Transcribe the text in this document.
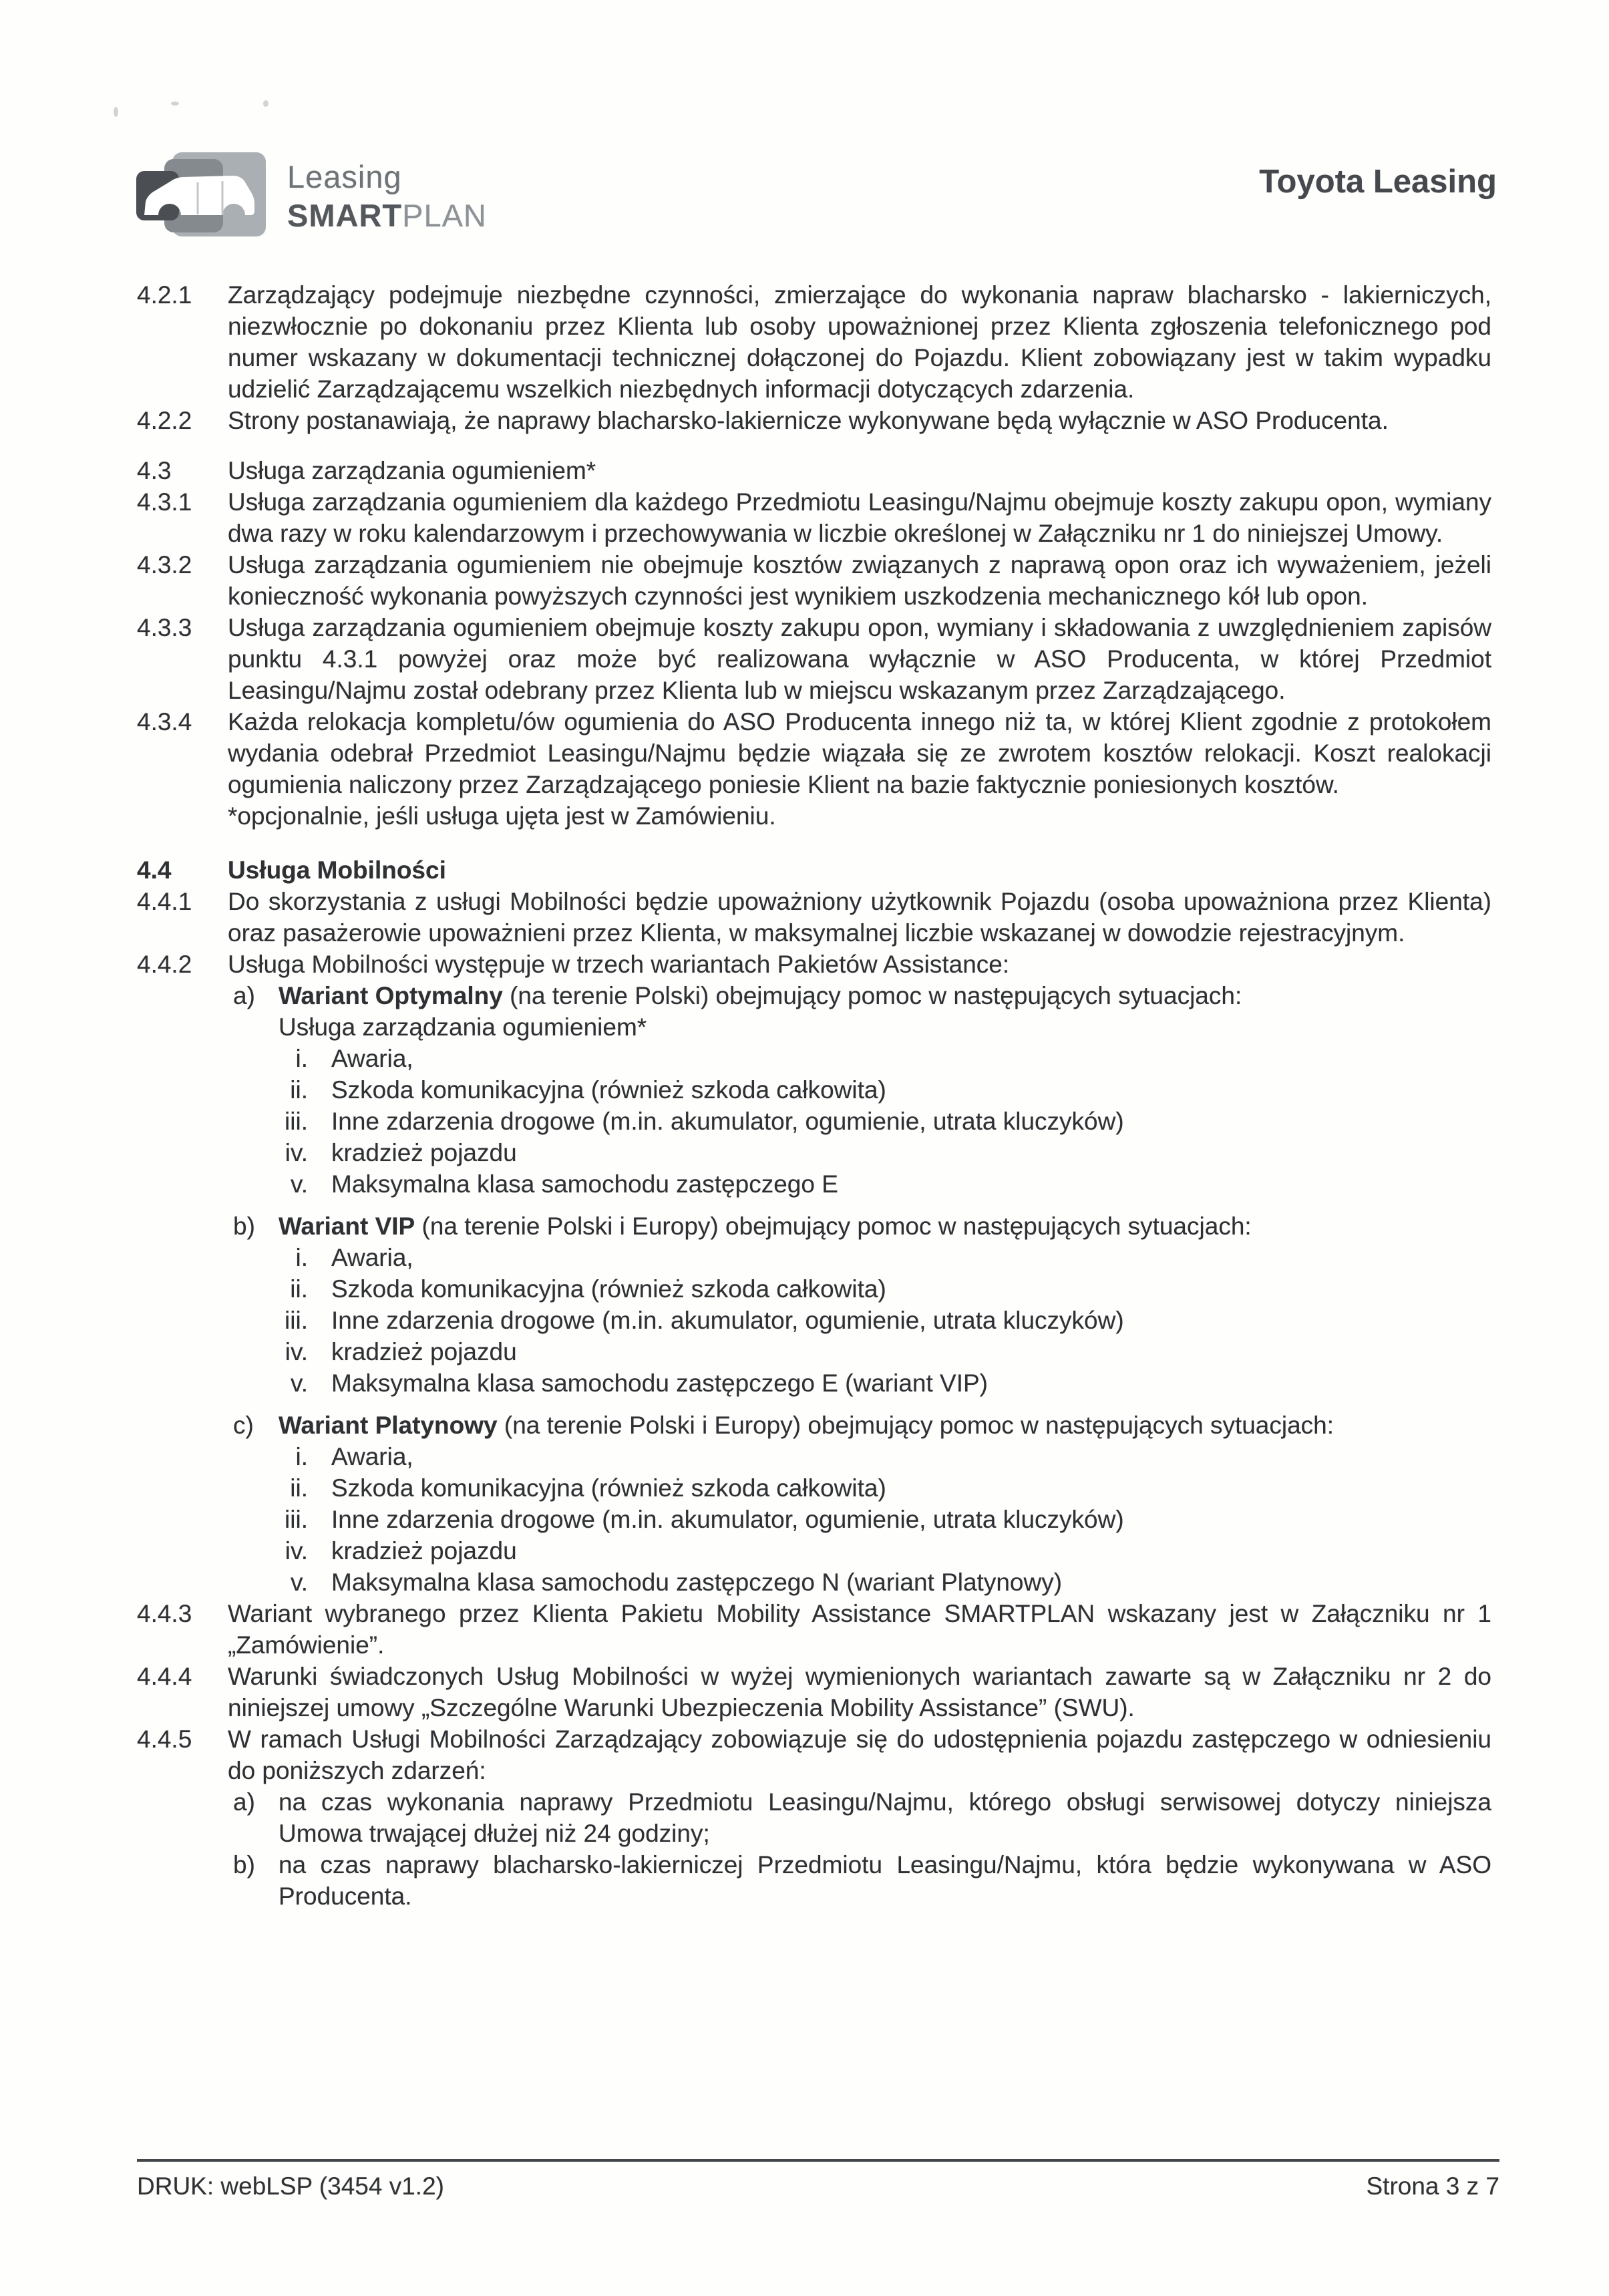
Leasing
SMARTPLAN
Toyota Leasing
4.2.1	Zarządzający podejmuje niezbędne czynności, zmierzające do wykonania napraw blacharsko - lakierniczych, niezwłocznie po dokonaniu przez Klienta lub osoby upoważnionej przez Klienta zgłoszenia telefonicznego pod numer wskazany w dokumentacji technicznej dołączonej do Pojazdu. Klient zobowiązany jest w takim wypadku udzielić Zarządzającemu wszelkich niezbędnych informacji dotyczących zdarzenia.
4.2.2	Strony postanawiają, że naprawy blacharsko-lakiernicze wykonywane będą wyłącznie w ASO Producenta.
4.3	Usługa zarządzania ogumieniem*
4.3.1	Usługa zarządzania ogumieniem dla każdego Przedmiotu Leasingu/Najmu obejmuje koszty zakupu opon, wymiany dwa razy w roku kalendarzowym i przechowywania w liczbie określonej w Załączniku nr 1 do niniejszej Umowy.
4.3.2	Usługa zarządzania ogumieniem nie obejmuje kosztów związanych z naprawą opon oraz ich wyważeniem, jeżeli konieczność wykonania powyższych czynności jest wynikiem uszkodzenia mechanicznego kół lub opon.
4.3.3	Usługa zarządzania ogumieniem obejmuje koszty zakupu opon, wymiany i składowania z uwzględnieniem zapisów punktu 4.3.1 powyżej oraz może być realizowana wyłącznie w ASO Producenta, w której Przedmiot Leasingu/Najmu został odebrany przez Klienta lub w miejscu wskazanym przez Zarządzającego.
4.3.4	Każda relokacja kompletu/ów ogumienia do ASO Producenta innego niż ta, w której Klient zgodnie z protokołem wydania odebrał Przedmiot Leasingu/Najmu będzie wiązała się ze zwrotem kosztów relokacji. Koszt realokacji ogumienia naliczony przez Zarządzającego poniesie Klient na bazie faktycznie poniesionych kosztów.
*opcjonalnie, jeśli usługa ujęta jest w Zamówieniu.
4.4	Usługa Mobilności
4.4.1	Do skorzystania z usługi Mobilności będzie upoważniony użytkownik Pojazdu (osoba upoważniona przez Klienta) oraz pasażerowie upoważnieni przez Klienta, w maksymalnej liczbie wskazanej w dowodzie rejestracyjnym.
4.4.2	Usługa Mobilności występuje w trzech wariantach Pakietów Assistance:
a) Wariant Optymalny (na terenie Polski) obejmujący pomoc w następujących sytuacjach:
Usługa zarządzania ogumieniem*
i. Awaria,
ii. Szkoda komunikacyjna (również szkoda całkowita)
iii. Inne zdarzenia drogowe (m.in. akumulator, ogumienie, utrata kluczyków)
iv. kradzież pojazdu
v. Maksymalna klasa samochodu zastępczego E
b) Wariant VIP (na terenie Polski i Europy) obejmujący pomoc w następujących sytuacjach:
i. Awaria,
ii. Szkoda komunikacyjna (również szkoda całkowita)
iii. Inne zdarzenia drogowe (m.in. akumulator, ogumienie, utrata kluczyków)
iv. kradzież pojazdu
v. Maksymalna klasa samochodu zastępczego E (wariant VIP)
c)	Wariant Platynowy (na terenie Polski i Europy) obejmujący pomoc w następujących sytuacjach:
i. Awaria,
ii. Szkoda komunikacyjna (również szkoda całkowita)
iii. Inne zdarzenia drogowe (m.in. akumulator, ogumienie, utrata kluczyków)
iv. kradzież pojazdu
v. Maksymalna klasa samochodu zastępczego N (wariant Platynowy)
4.4.3	Wariant wybranego przez Klienta Pakietu Mobility Assistance SMARTPLAN wskazany jest w Załączniku nr 1 „Zamówienie”.
4.4.4	Warunki świadczonych Usług Mobilności w wyżej wymienionych wariantach zawarte są w Załączniku nr 2 do niniejszej umowy „Szczególne Warunki Ubezpieczenia Mobility Assistance” (SWU).
4.4.5	W ramach Usługi Mobilności Zarządzający zobowiązuje się do udostępnienia pojazdu zastępczego w odniesieniu do poniższych zdarzeń:
a) na czas wykonania naprawy Przedmiotu Leasingu/Najmu, którego obsługi serwisowej dotyczy niniejsza Umowa trwającej dłużej niż 24 godziny;
b) na czas naprawy blacharsko-lakierniczej Przedmiotu Leasingu/Najmu, która będzie wykonywana w ASO Producenta.
DRUK: webLSP (3454 v1.2)	Strona 3 z 7
